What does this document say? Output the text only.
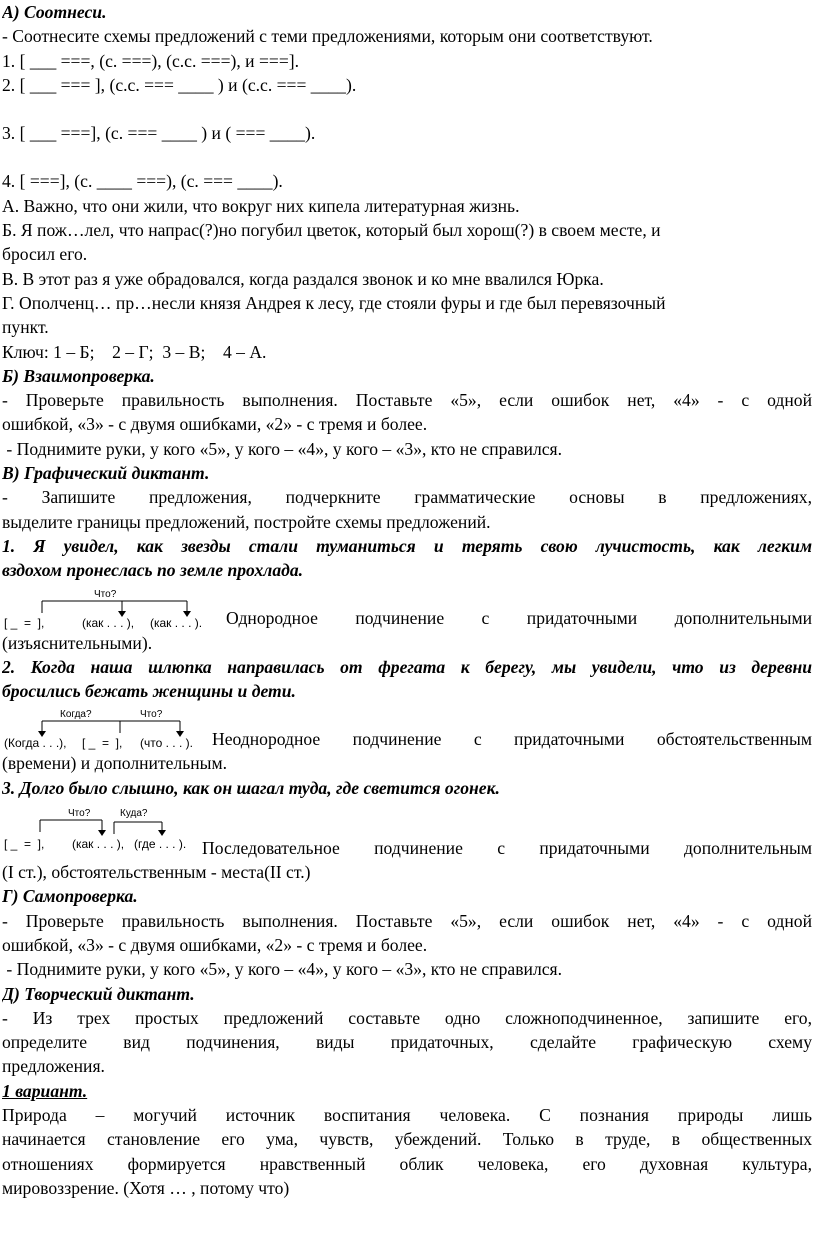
А) Соотнеси.
- Соотнесите схемы предложений с теми предложениями, которым они соответствуют.
1. [ ___ ===, (с. ===), (с.с. ===), и ===].
2. [ ___ === ], (с.с. === ____ ) и (с.с. === ____).
3. [ ___ ===], (с. === ____ ) и ( === ____).
4. [ ===], (с. ____ ===), (с. === ____).
А. Важно, что они жили, что вокруг них кипела литературная жизнь.
Б. Я пож…лел, что напрас(?)но погубил цветок, который был хорош(?) в своем месте, и
бросил его.
В. В этот раз я уже обрадовался, когда раздался звонок и ко мне ввалился Юрка.
Г. Ополченц… пр…несли князя Андрея к лесу, где стояли фуры и где был перевязочный
пункт.
Ключ: 1 – Б;    2 – Г;  3 – В;    4 – А.
Б) Взаимопроверка.
- Проверьте правильность выполнения. Поставьте «5», если ошибок нет, «4» - с одной
ошибкой, «3» - с двумя ошибками, «2» - с тремя и более.
- Поднимите руки, у кого «5», у кого – «4», у кого – «3», кто не справился.
В) Графический диктант.
- Запишите предложения, подчеркните грамматические основы в предложениях,
выделите границы предложений, постройте схемы предложений.
1. Я увидел, как звезды стали туманиться и терять свою лучистость, как легким
вздохом пронеслась по земле прохлада.
Что?
[ _  =  ],	(как . . . ), (как . . . ). Однородное подчинение с придаточными дополнительными
(изъяснительными).
2. Когда наша шлюпка направилась от фрегата к берегу, мы увидели, что из деревни
бросились бежать женщины и дети.
Когда?	Что?
(Когда . . .), [ _  =  ], (что . . . ). Неоднородное подчинение с придаточными обстоятельственным
(времени) и дополнительным.
3. Долго было слышно, как он шагал туда, где светится огонек.
Что?	Куда?
[ _  =  ], (как . . . ), (где . . . ). Последовательное подчинение с придаточными дополнительным
(I ст.), обстоятельственным - места(II ст.)
Г) Самопроверка.
- Проверьте правильность выполнения. Поставьте «5», если ошибок нет, «4» - с одной
ошибкой, «3» - с двумя ошибками, «2» - с тремя и более.
- Поднимите руки, у кого «5», у кого – «4», у кого – «3», кто не справился.
Д) Творческий диктант.
- Из трех простых предложений составьте одно сложноподчиненное, запишите его,
определите вид подчинения, виды придаточных, сделайте графическую схему
предложения.
1 вариант.
Природа – могучий источник воспитания человека. С познания природы лишь
начинается становление его ума, чувств, убеждений. Только в труде, в общественных
отношениях формируется нравственный облик человека, его духовная культура,
мировоззрение. (Хотя … , потому что)
